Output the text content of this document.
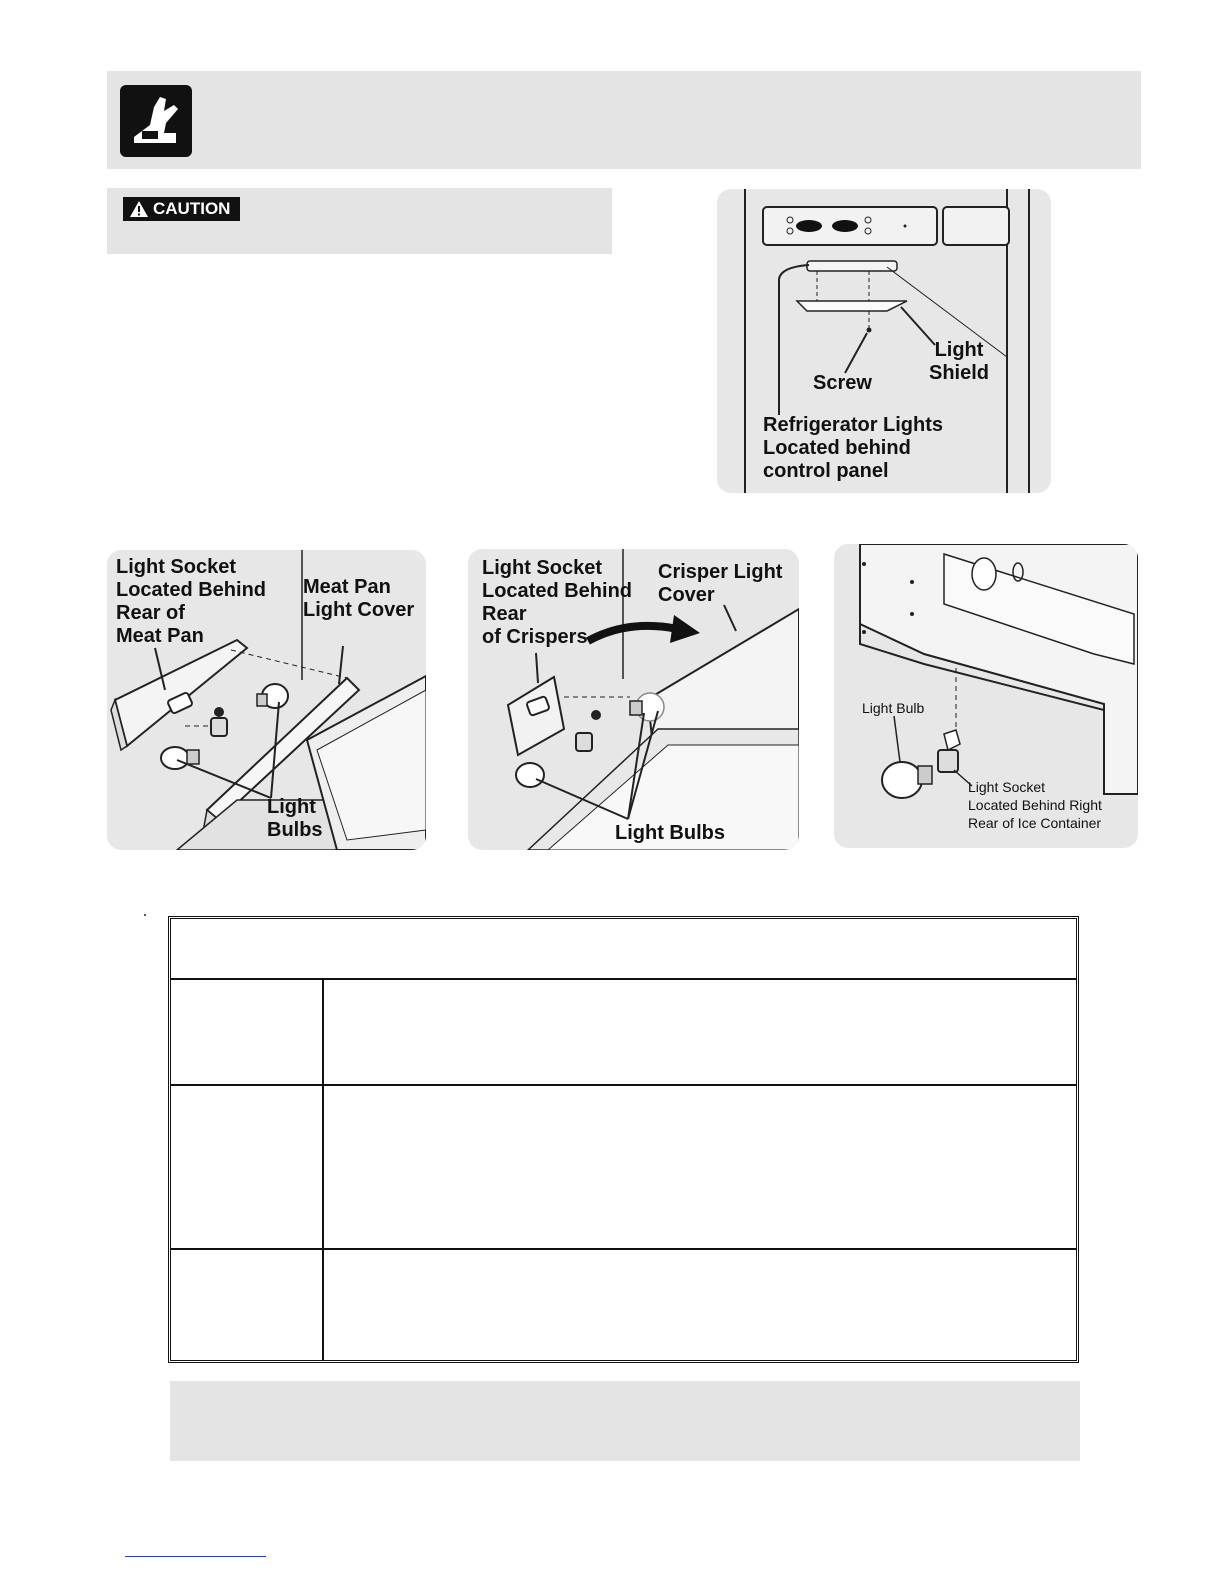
CAUTION
Light
Shield
Screw
Refrigerator Lights
Located behind
control panel
Light Socket
Located Behind
Rear of
Meat Pan
Meat Pan
Light Cover
Light
Bulbs
Light Socket
Located Behind
Rear
of Crispers
Crisper Light
Cover
Light Bulbs
Light Bulb
Light Socket
Located Behind Right
Rear of Ice Container
